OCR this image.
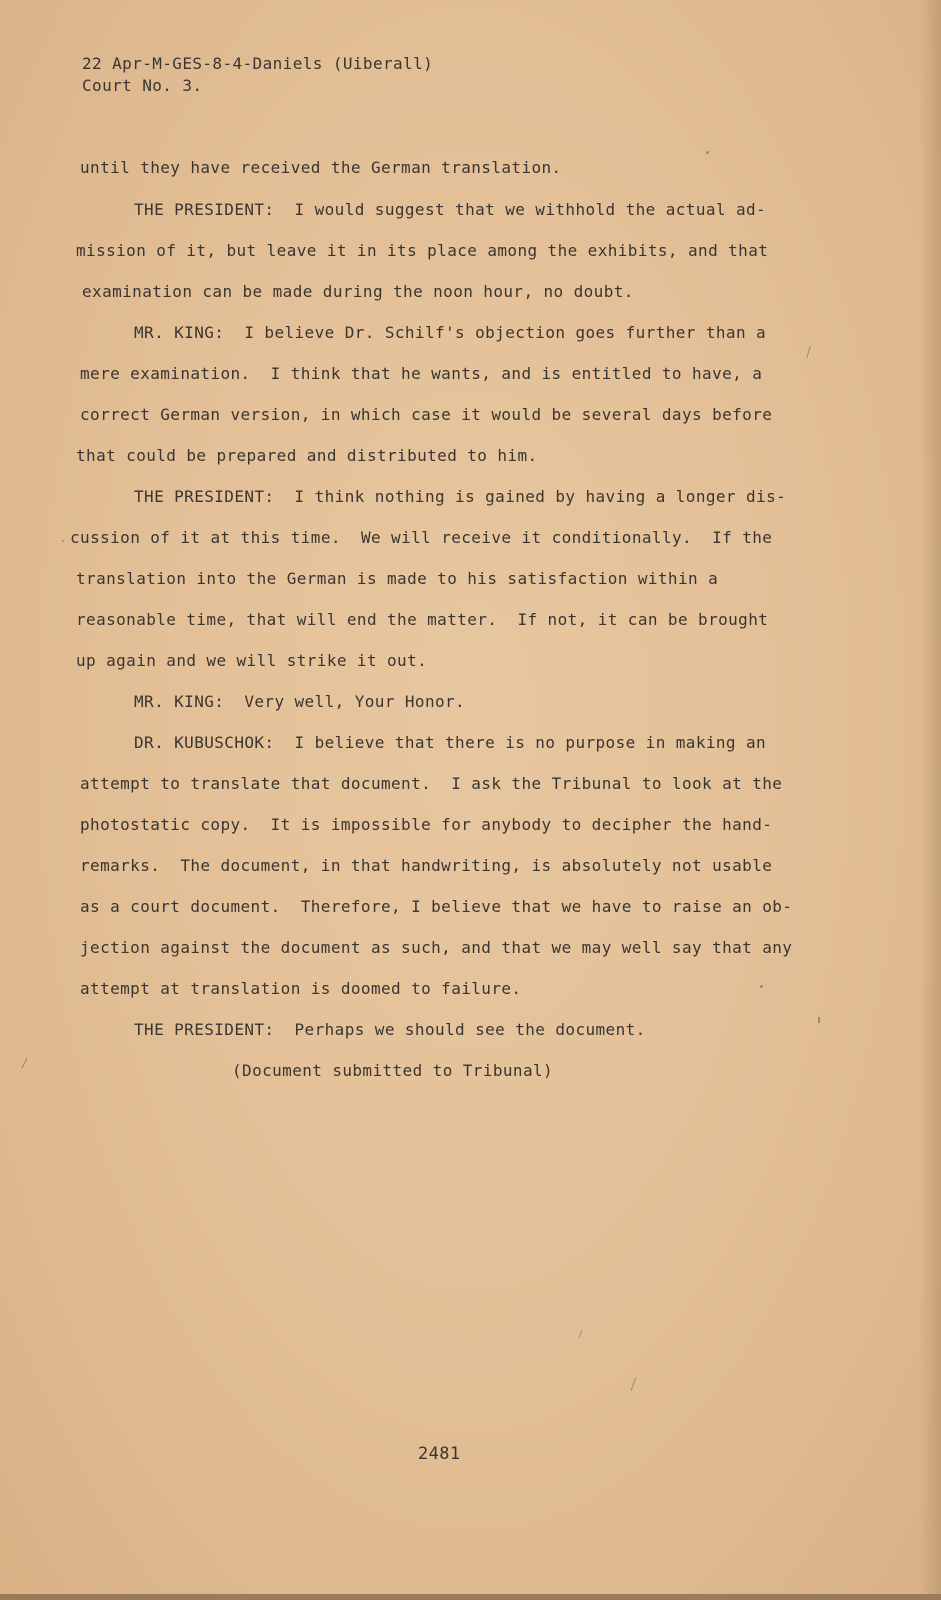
22 Apr-M-GES-8-4-Daniels (Uiberall)

Court No. 3.

until they have received the German translation.

THE PRESIDENT:  I would suggest that we withhold the actual ad-

mission of it, but leave it in its place among the exhibits, and that

examination can be made during the noon hour, no doubt.

MR. KING:  I believe Dr. Schilf's objection goes further than a

mere examination.  I think that he wants, and is entitled to have, a

correct German version, in which case it would be several days before

that could be prepared and distributed to him.

THE PRESIDENT:  I think nothing is gained by having a longer dis-

cussion of it at this time.  We will receive it conditionally.  If the

translation into the German is made to his satisfaction within a

reasonable time, that will end the matter.  If not, it can be brought

up again and we will strike it out.

MR. KING:  Very well, Your Honor.

DR. KUBUSCHOK:  I believe that there is no purpose in making an

attempt to translate that document.  I ask the Tribunal to look at the

photostatic copy.  It is impossible for anybody to decipher the hand-

remarks.  The document, in that handwriting, is absolutely not usable

as a court document.  Therefore, I believe that we have to raise an ob-

jection against the document as such, and that we may well say that any

attempt at translation is doomed to failure.

THE PRESIDENT:  Perhaps we should see the document.

(Document submitted to Tribunal)

2481
